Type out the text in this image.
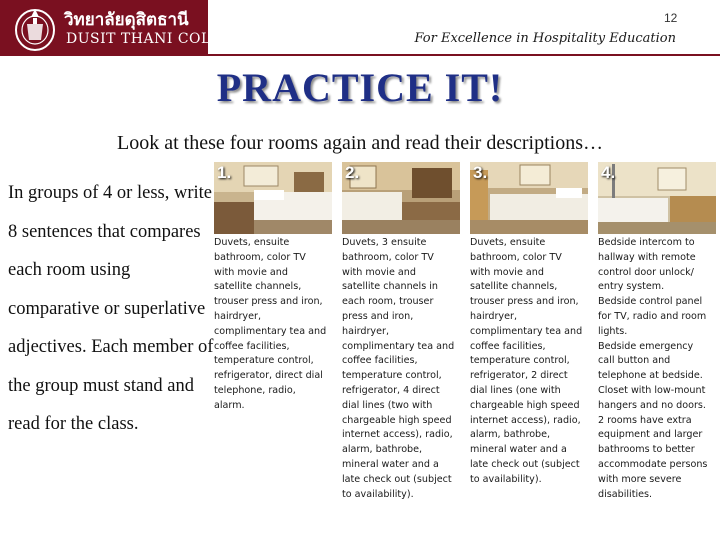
วิทยาลัยดุสิตธานี
DUSIT THANI COLLEGE
12
For Excellence in Hospitality Education
PRACTICE IT!
Look at these four rooms again and read their descriptions…
In groups of 4 or less, write 8 sentences that compares each room using comparative or superlative adjectives. Each member of the group must stand and read for the class.
1.
Duvets, ensuite
bathroom, color TV
with movie and
satellite channels,
trouser press and iron,
hairdryer,
complimentary tea and
coffee facilities,
temperature control,
refrigerator, direct dial
telephone, radio,
alarm.
2.
Duvets, 3 ensuite
bathroom, color TV
with movie and
satellite channels in
each room, trouser
press and iron,
hairdryer,
complimentary tea and
coffee facilities,
temperature control,
refrigerator, 4 direct
dial lines (two with
chargeable high speed
internet access), radio,
alarm, bathrobe,
mineral water and a
late check out (subject
to availability).
3.
Duvets, ensuite
bathroom, color TV
with movie and
satellite channels,
trouser press and iron,
hairdryer,
complimentary tea and
coffee facilities,
temperature control,
refrigerator, 2 direct
dial lines (one with
chargeable high speed
internet access), radio,
alarm, bathrobe,
mineral water and a
late check out (subject
to availability).
4.
Bedside intercom to
hallway with remote
control door unlock/
entry system.
Bedside control panel
for TV, radio and room
lights.
Bedside emergency
call button and
telephone at bedside.
Closet with low-mount
hangers and no doors.
2 rooms have extra
equipment and larger
bathrooms to better
accommodate persons
with more severe
disabilities.
